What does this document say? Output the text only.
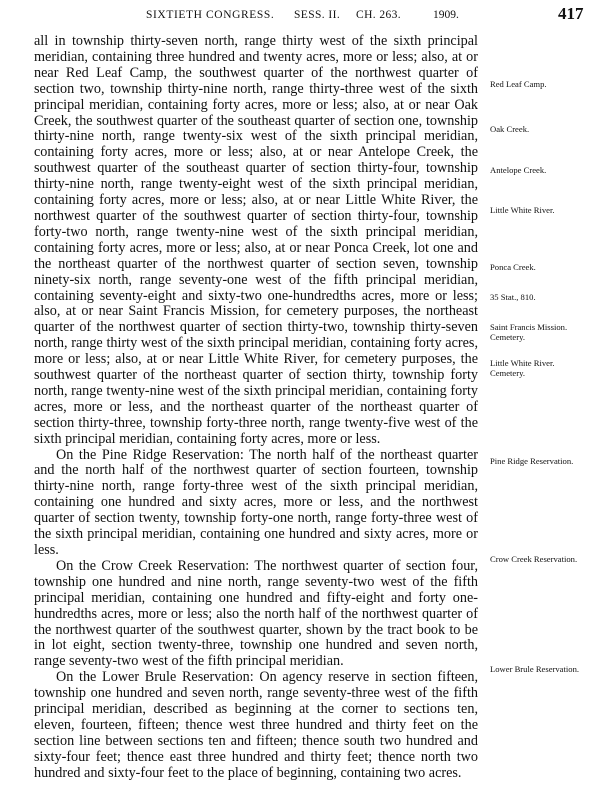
SIXTIETH CONGRESS. SESS. II. CH. 263.	1909.	417

all in township thirty-seven north, range thirty west of the sixth principal meridian, containing three hundred and twenty acres, more or less; also, at or near Red Leaf Camp, the southwest quarter of the northwest quarter of section two, township thirty-nine north, range thirty-three west of the sixth principal meridian, containing forty acres, more or less; also, at or near Oak Creek, the southwest quarter of the southeast quarter of section one, township thirty-nine north, range twenty-six west of the sixth principal meridian, containing forty acres, more or less; also, at or near Antelope Creek, the southwest quarter of the southeast quarter of section thirty-four, township thirty-nine north, range twenty-eight west of the sixth principal meridian, containing forty acres, more or less; also, at or near Little White River, the northwest quarter of the southwest quarter of section thirty-four, township forty-two north, range twenty-nine west of the sixth principal meridian, containing forty acres, more or less; also, at or near Ponca Creek, lot one and the northeast quarter of the northwest quarter of section seven, township ninety-six north, range seventy-one west of the fifth principal meridian, containing seventy-eight and sixty-two one-hundredths acres, more or less; also, at or near Saint Francis Mission, for cemetery purposes, the northeast quarter of the northwest quarter of section thirty-two, township thirty-seven north, range thirty west of the sixth principal meridian, containing forty acres, more or less; also, at or near Little White River, for cemetery purposes, the southwest quarter of the northeast quarter of section thirty, township forty north, range twenty-nine west of the sixth principal meridian, containing forty acres, more or less, and the northeast quarter of the northeast quarter of section thirty-three, township forty-three north, range twenty-five west of the sixth principal meridian, containing forty acres, more or less.

On the Pine Ridge Reservation: The north half of the northeast quarter and the north half of the northwest quarter of section fourteen, township thirty-nine north, range forty-three west of the sixth principal meridian, containing one hundred and sixty acres, more or less, and the northwest quarter of section twenty, township forty-one north, range forty-three west of the sixth principal meridian, containing one hundred and sixty acres, more or less.

On the Crow Creek Reservation: The northwest quarter of section four, township one hundred and nine north, range seventy-two west of the fifth principal meridian, containing one hundred and fifty-eight and forty one-hundredths acres, more or less; also the north half of the northwest quarter of the northwest quarter of the southwest quarter, shown by the tract book to be in lot eight, section twenty-three, township one hundred and seven north, range seventy-two west of the fifth principal meridian.

On the Lower Brule Reservation: On agency reserve in section fifteen, township one hundred and seven north, range seventy-three west of the fifth principal meridian, described as beginning at the corner to sections ten, eleven, fourteen, fifteen; thence west three hundred and thirty feet on the section line between sections ten and fifteen; thence south two hundred and sixty-four feet; thence east three hundred and thirty feet; thence north two hundred and sixty-four feet to the place of beginning, containing two acres.

Red Leaf Camp.
Oak Creek.
Antelope Creek.
Little White River.
Ponca Creek.
35 Stat., 810.
Saint Francis Mission. Cemetery.
Little White River. Cemetery.
Pine Ridge Reservation.
Crow Creek Reservation.
Lower Brule Reservation.
